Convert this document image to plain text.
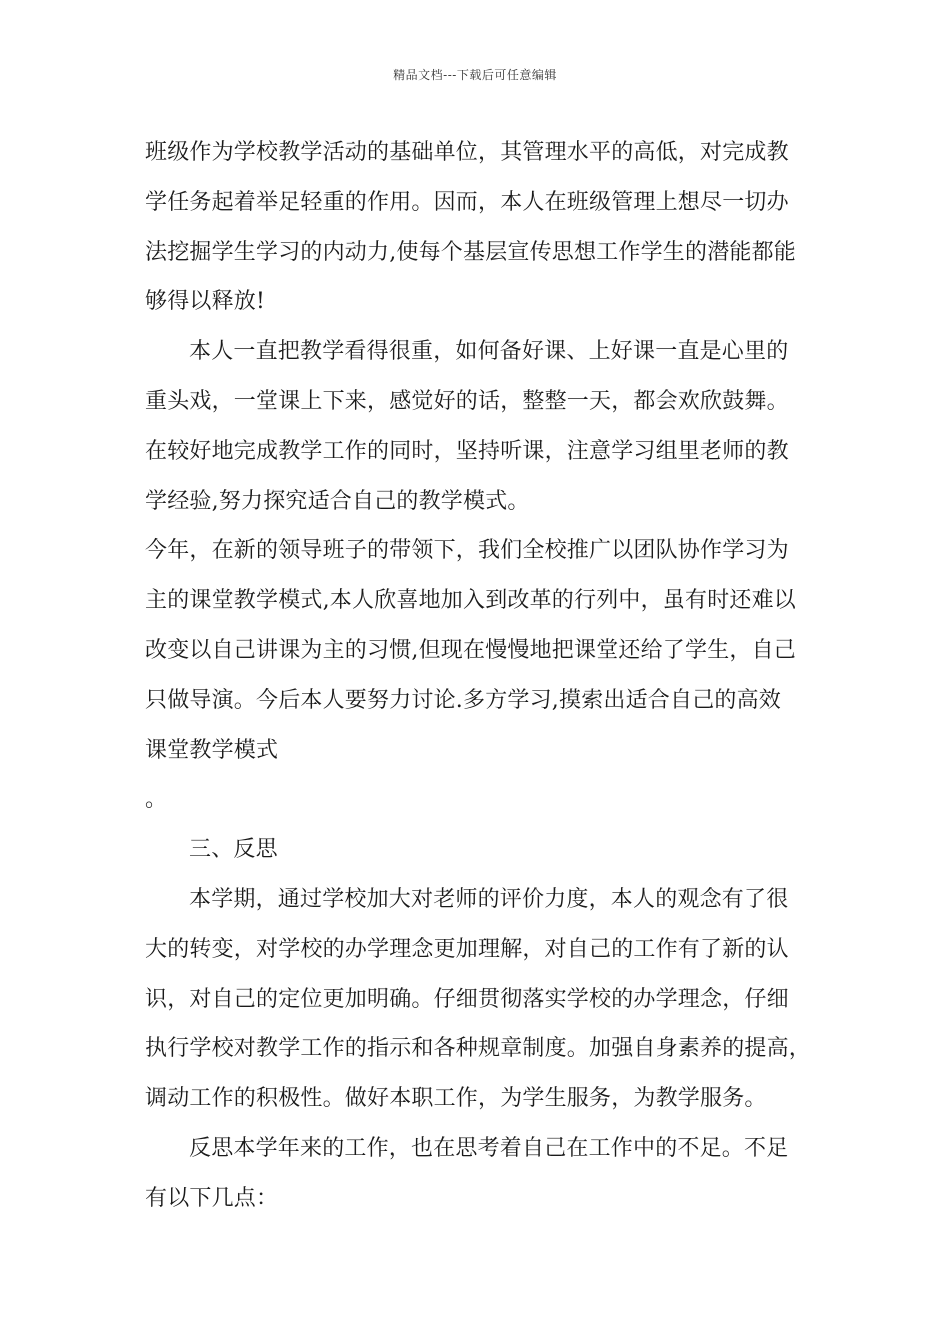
精品文档---下载后可任意编辑
班级作为学校教学活动的基础单位，其管理水平的高低，对完成教
学任务起着举足轻重的作用。因而，本人在班级管理上想尽一切办
法挖掘学生学习的内动力,使每个基层宣传思想工作学生的潜能都能
够得以释放!
本人一直把教学看得很重，如何备好课、上好课一直是心里的
重头戏，一堂课上下来，感觉好的话，整整一天，都会欢欣鼓舞。
在较好地完成教学工作的同时，坚持听课，注意学习组里老师的教
学经验,努力探究适合自己的教学模式。
今年，在新的领导班子的带领下，我们全校推广以团队协作学习为
主的课堂教学模式,本人欣喜地加入到改革的行列中，虽有时还难以
改变以自己讲课为主的习惯,但现在慢慢地把课堂还给了学生，自己
只做导演。今后本人要努力讨论.多方学习,摸索出适合自己的高效
课堂教学模式
。
三、反思
本学期，通过学校加大对老师的评价力度，本人的观念有了很
大的转变，对学校的办学理念更加理解，对自己的工作有了新的认
识，对自己的定位更加明确。仔细贯彻落实学校的办学理念，仔细
执行学校对教学工作的指示和各种规章制度。加强自身素养的提高，
调动工作的积极性。做好本职工作，为学生服务，为教学服务。
反思本学年来的工作，也在思考着自己在工作中的不足。不足
有以下几点：
